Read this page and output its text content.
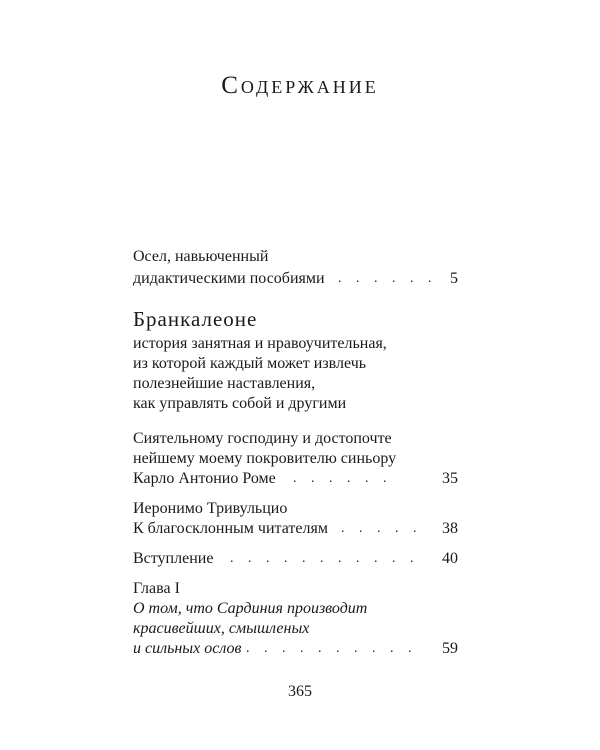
Содержание
Осел, навьюченный
дидактическими пособиями . . . . . . 5
Бранкалеоне
история занятная и нравоучительная,
из которой каждый может извлечь
полезнейшие наставления,
как управлять собой и другими
Сиятельному господину и достопочте
нейшему моему покровителю синьору
Карло Антонио Роме . . . . . .	35
Иеронимо Тривульцио
К благосклонным читателям . . . . . 38
Вступление . . . . . . . . . . . 40
Глава I
О том, что Сардиния производит
красивейших, смышленых
и сильных ослов . . . . . . . . . . 59
365
